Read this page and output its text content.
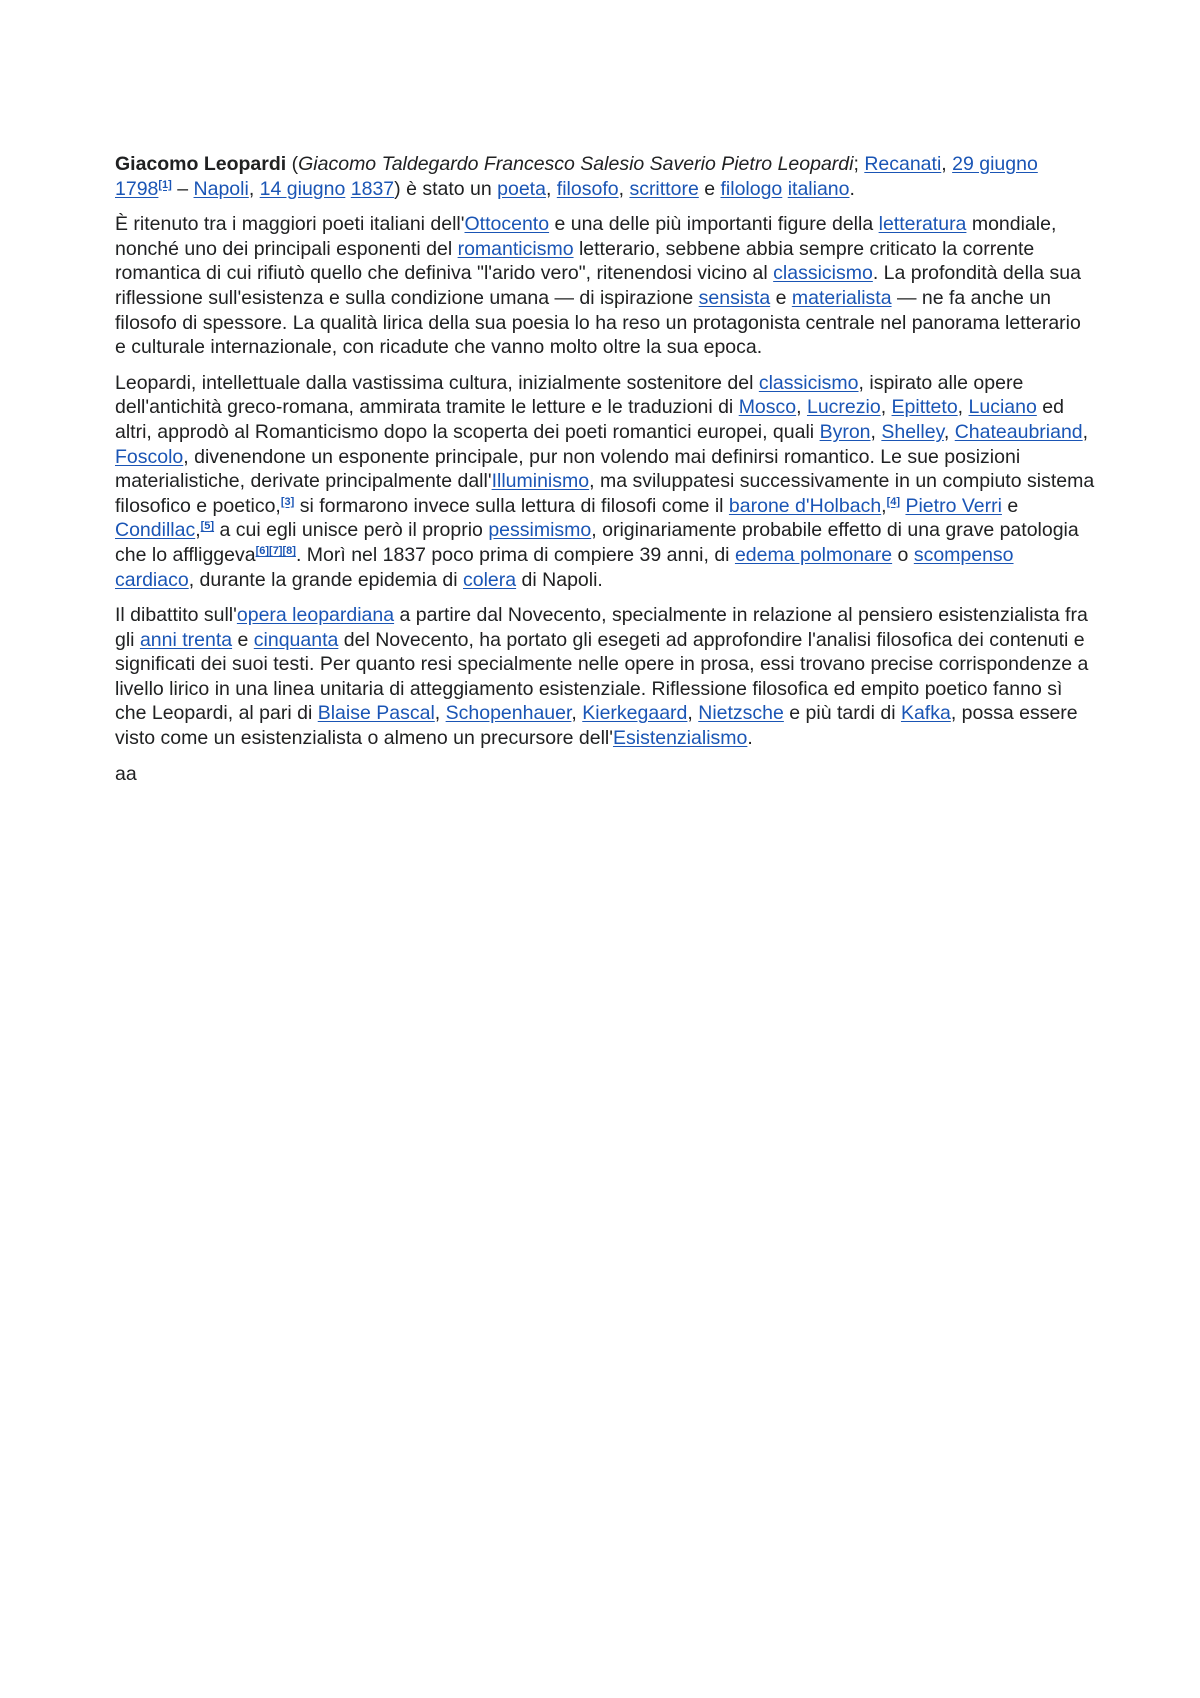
Giacomo Leopardi (Giacomo Taldegardo Francesco Salesio Saverio Pietro Leopardi; Recanati, 29 giugno 1798[1] – Napoli, 14 giugno 1837) è stato un poeta, filosofo, scrittore e filologo italiano.

È ritenuto tra i maggiori poeti italiani dell'Ottocento e una delle più importanti figure della letteratura mondiale, nonché uno dei principali esponenti del romanticismo letterario, sebbene abbia sempre criticato la corrente romantica di cui rifiutò quello che definiva "l'arido vero", ritenendosi vicino al classicismo. La profondità della sua riflessione sull'esistenza e sulla condizione umana — di ispirazione sensista e materialista — ne fa anche un filosofo di spessore. La qualità lirica della sua poesia lo ha reso un protagonista centrale nel panorama letterario e culturale internazionale, con ricadute che vanno molto oltre la sua epoca.

Leopardi, intellettuale dalla vastissima cultura, inizialmente sostenitore del classicismo, ispirato alle opere dell'antichità greco-romana, ammirata tramite le letture e le traduzioni di Mosco, Lucrezio, Epitteto, Luciano ed altri, approdò al Romanticismo dopo la scoperta dei poeti romantici europei, quali Byron, Shelley, Chateaubriand, Foscolo, divenendone un esponente principale, pur non volendo mai definirsi romantico. Le sue posizioni materialistiche, derivate principalmente dall'Illuminismo, ma sviluppatesi successivamente in un compiuto sistema filosofico e poetico,[3] si formarono invece sulla lettura di filosofi come il barone d'Holbach,[4] Pietro Verri e Condillac,[5] a cui egli unisce però il proprio pessimismo, originariamente probabile effetto di una grave patologia che lo affliggeva[6][7][8]. Morì nel 1837 poco prima di compiere 39 anni, di edema polmonare o scompenso cardiaco, durante la grande epidemia di colera di Napoli.

Il dibattito sull'opera leopardiana a partire dal Novecento, specialmente in relazione al pensiero esistenzialista fra gli anni trenta e cinquanta del Novecento, ha portato gli esegeti ad approfondire l'analisi filosofica dei contenuti e significati dei suoi testi. Per quanto resi specialmente nelle opere in prosa, essi trovano precise corrispondenze a livello lirico in una linea unitaria di atteggiamento esistenziale. Riflessione filosofica ed empito poetico fanno sì che Leopardi, al pari di Blaise Pascal, Schopenhauer, Kierkegaard, Nietzsche e più tardi di Kafka, possa essere visto come un esistenzialista o almeno un precursore dell'Esistenzialismo.

aa
